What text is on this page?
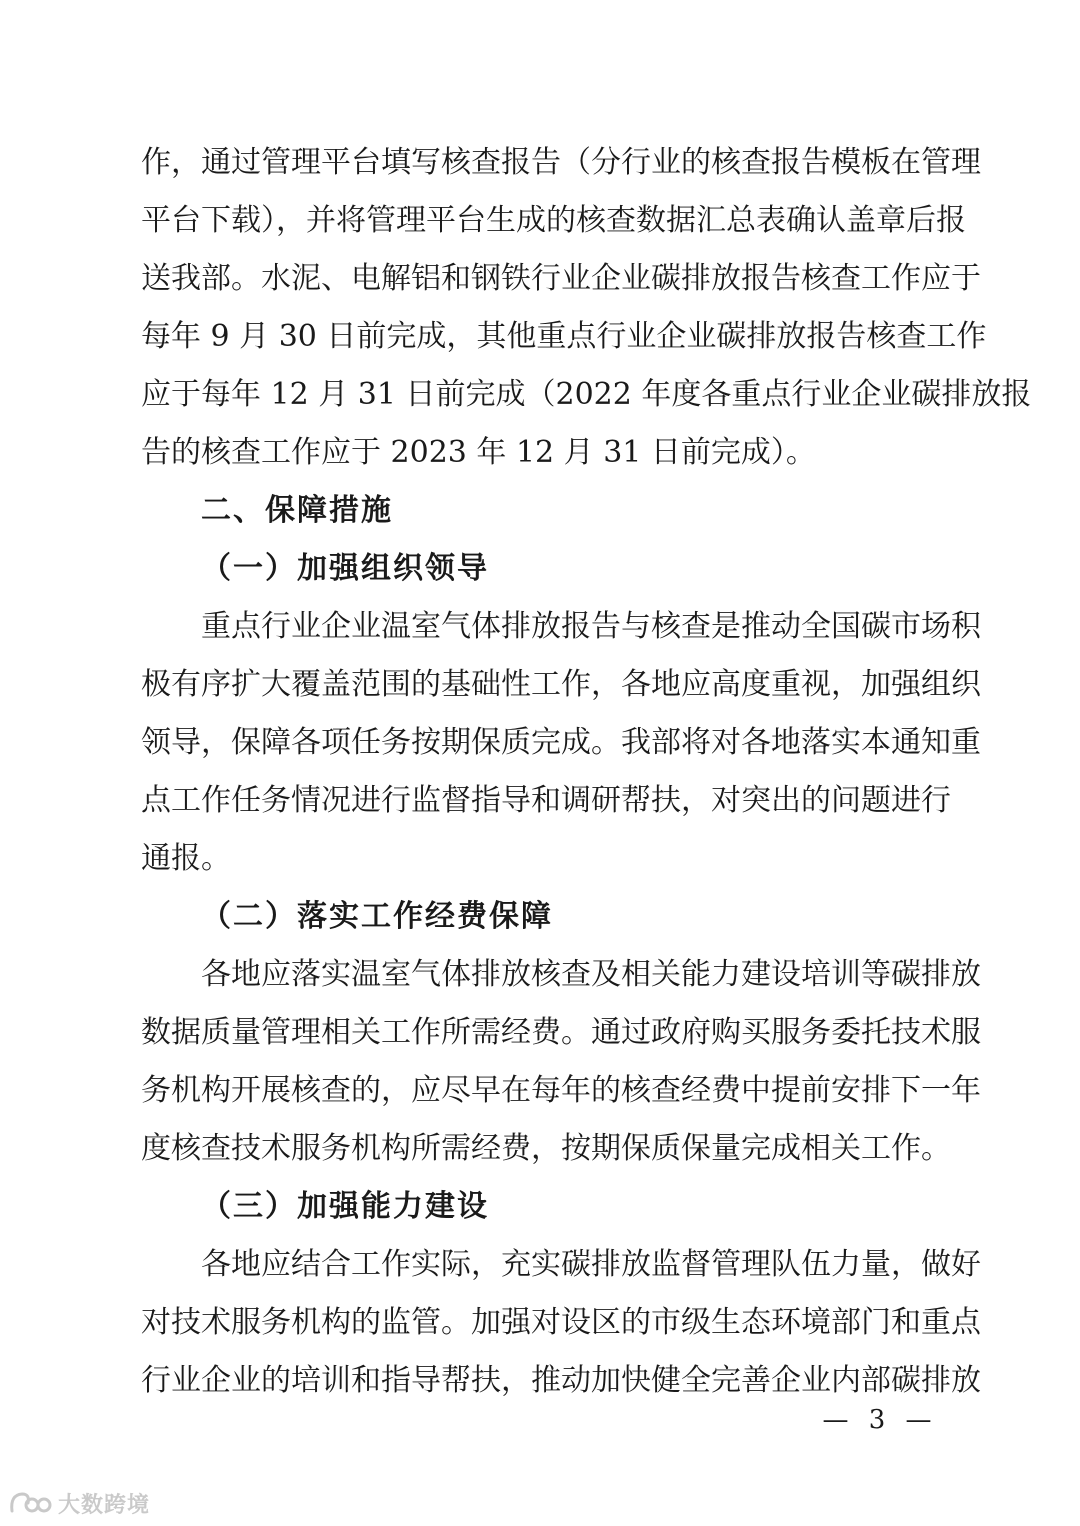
作，通过管理平台填写核查报告（分行业的核查报告模板在管理
平台下载），并将管理平台生成的核查数据汇总表确认盖章后报
送我部。水泥、电解铝和钢铁行业企业碳排放报告核查工作应于
每年 9 月 30 日前完成，其他重点行业企业碳排放报告核查工作
应于每年 12 月 31 日前完成（2022 年度各重点行业企业碳排放报
告的核查工作应于 2023 年 12 月 31 日前完成）。
二、保障措施
（一）加强组织领导
重点行业企业温室气体排放报告与核查是推动全国碳市场积
极有序扩大覆盖范围的基础性工作，各地应高度重视，加强组织
领导，保障各项任务按期保质完成。我部将对各地落实本通知重
点工作任务情况进行监督指导和调研帮扶，对突出的问题进行
通报。
（二）落实工作经费保障
各地应落实温室气体排放核查及相关能力建设培训等碳排放
数据质量管理相关工作所需经费。通过政府购买服务委托技术服
务机构开展核查的，应尽早在每年的核查经费中提前安排下一年
度核查技术服务机构所需经费，按期保质保量完成相关工作。
（三）加强能力建设
各地应结合工作实际，充实碳排放监督管理队伍力量，做好
对技术服务机构的监管。加强对设区的市级生态环境部门和重点
行业企业的培训和指导帮扶，推动加快健全完善企业内部碳排放
— 3 —
大数跨境
